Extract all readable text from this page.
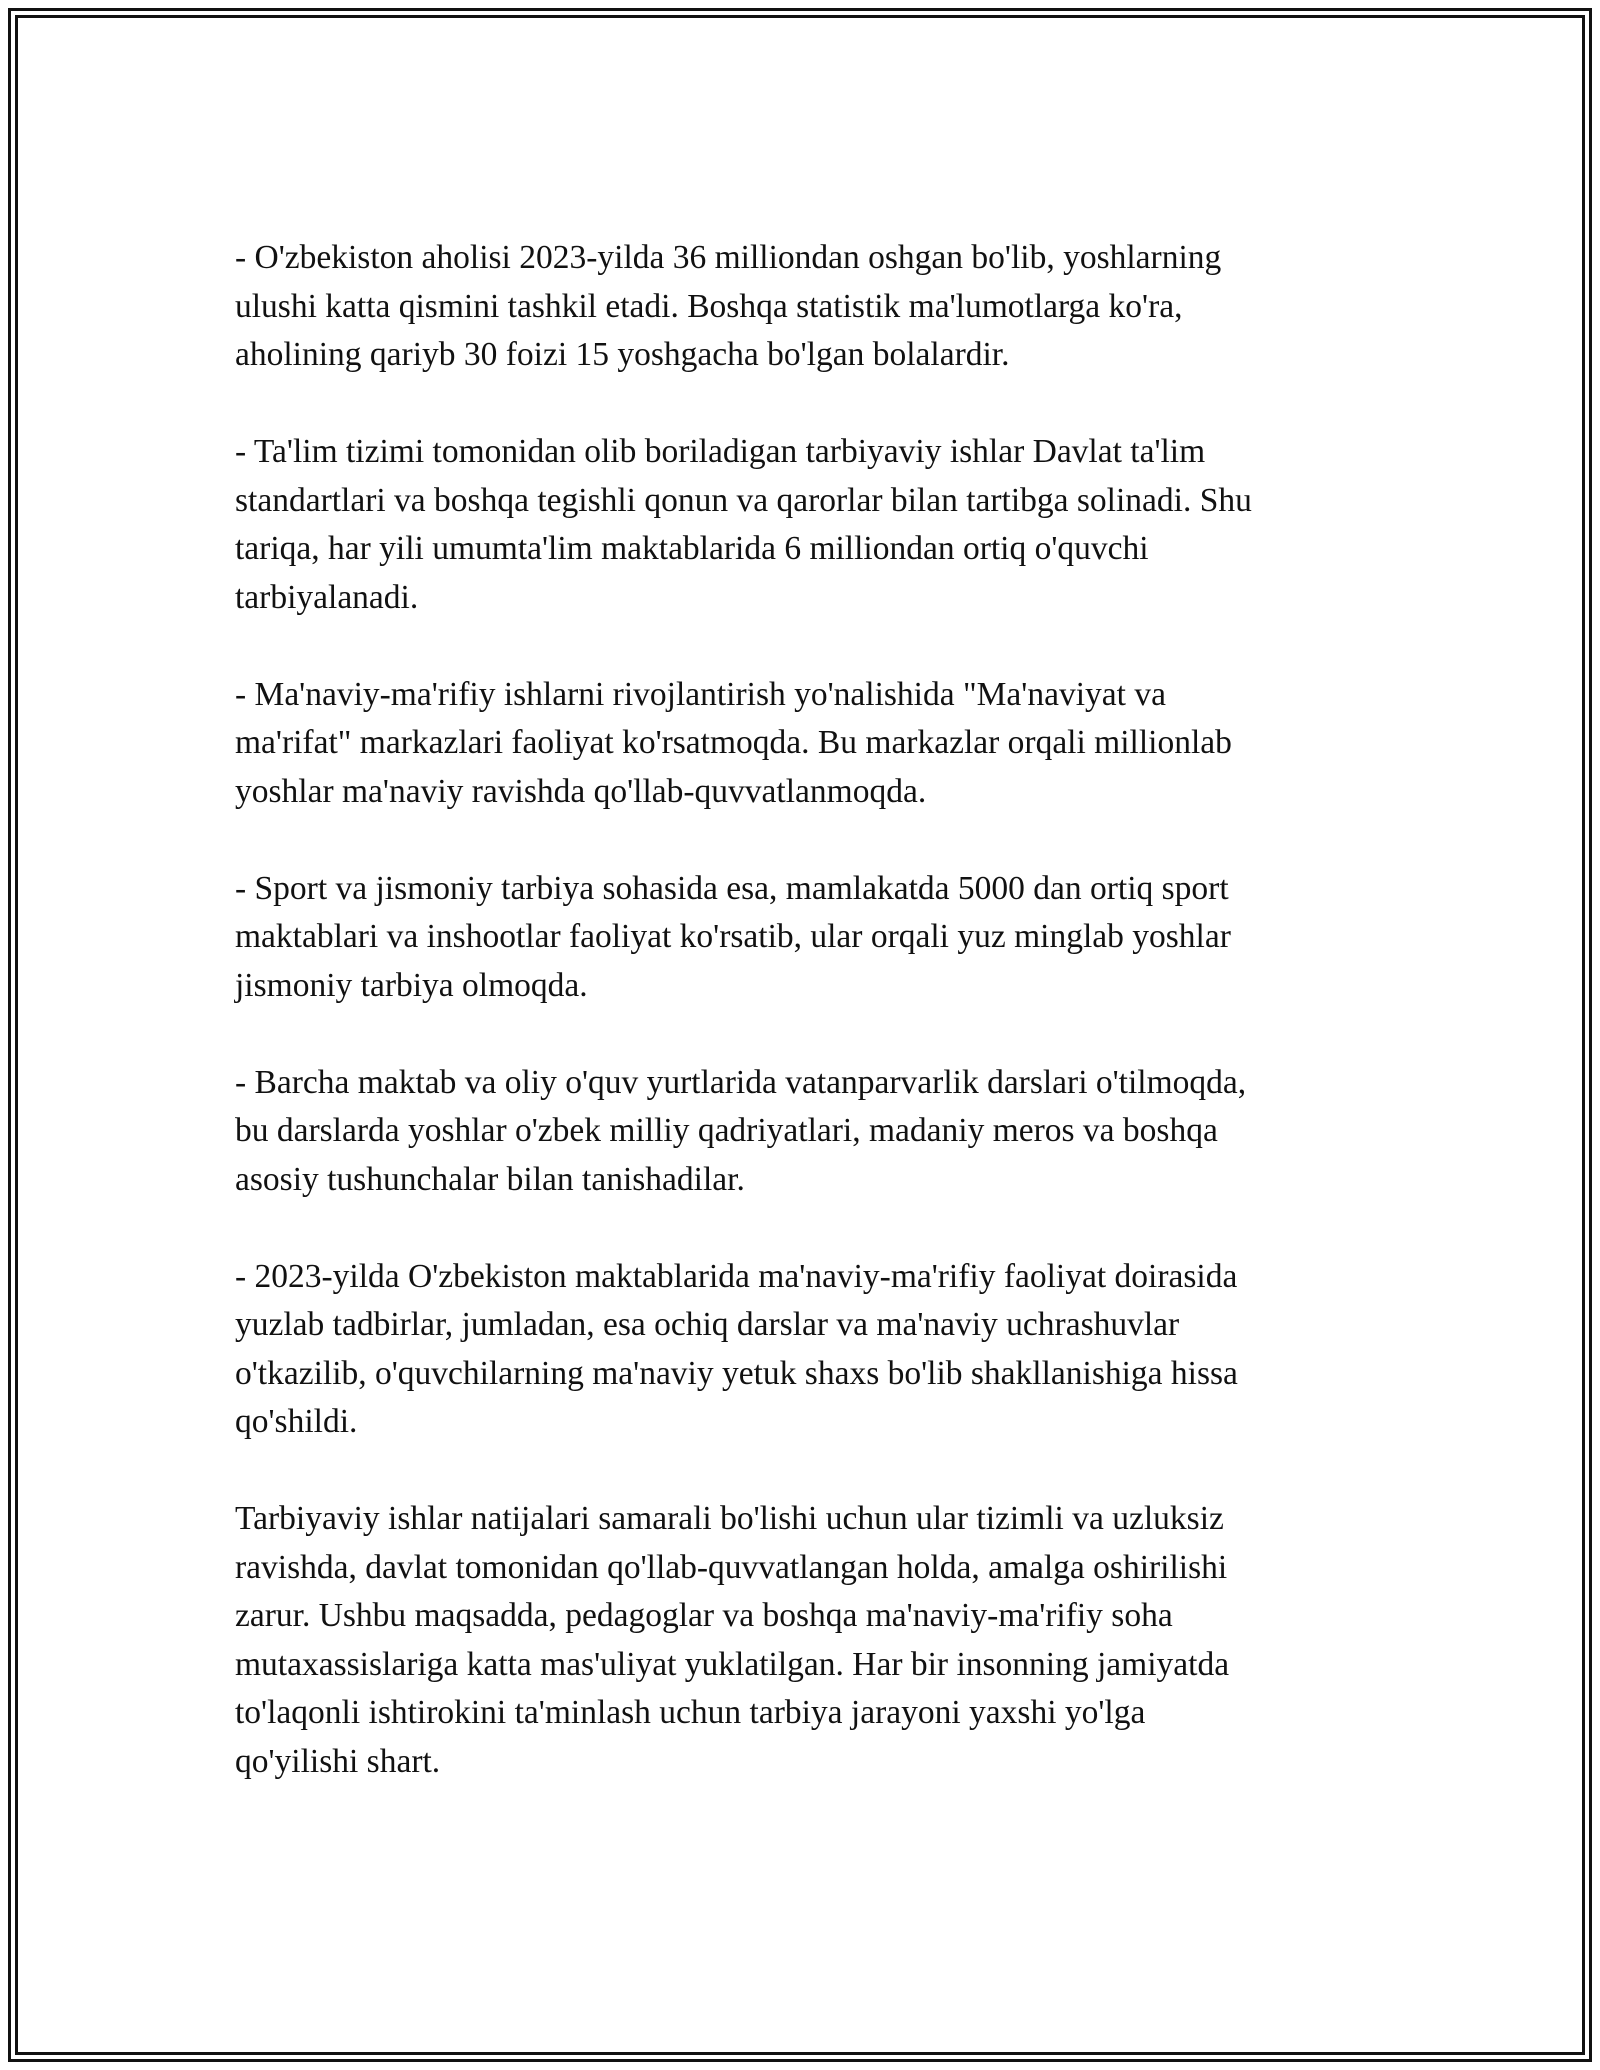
- O'zbekiston aholisi 2023-yilda 36 milliondan oshgan bo'lib, yoshlarning
ulushi katta qismini tashkil etadi. Boshqa statistik ma'lumotlarga ko'ra,
aholining qariyb 30 foizi 15 yoshgacha bo'lgan bolalardir.

- Ta'lim tizimi tomonidan olib boriladigan tarbiyaviy ishlar Davlat ta'lim
standartlari va boshqa tegishli qonun va qarorlar bilan tartibga solinadi. Shu
tariqa, har yili umumta'lim maktablarida 6 milliondan ortiq o'quvchi
tarbiyalanadi.

- Ma'naviy-ma'rifiy ishlarni rivojlantirish yo'nalishida "Ma'naviyat va
ma'rifat" markazlari faoliyat ko'rsatmoqda. Bu markazlar orqali millionlab
yoshlar ma'naviy ravishda qo'llab-quvvatlanmoqda.

- Sport va jismoniy tarbiya sohasida esa, mamlakatda 5000 dan ortiq sport
maktablari va inshootlar faoliyat ko'rsatib, ular orqali yuz minglab yoshlar
jismoniy tarbiya olmoqda.

- Barcha maktab va oliy o'quv yurtlarida vatanparvarlik darslari o'tilmoqda,
bu darslarda yoshlar o'zbek milliy qadriyatlari, madaniy meros va boshqa
asosiy tushunchalar bilan tanishadilar.

- 2023-yilda O'zbekiston maktablarida ma'naviy-ma'rifiy faoliyat doirasida
yuzlab tadbirlar, jumladan, esa ochiq darslar va ma'naviy uchrashuvlar
o'tkazilib, o'quvchilarning ma'naviy yetuk shaxs bo'lib shakllanishiga hissa
qo'shildi.

Tarbiyaviy ishlar natijalari samarali bo'lishi uchun ular tizimli va uzluksiz
ravishda, davlat tomonidan qo'llab-quvvatlangan holda, amalga oshirilishi
zarur. Ushbu maqsadda, pedagoglar va boshqa ma'naviy-ma'rifiy soha
mutaxassislariga katta mas'uliyat yuklatilgan. Har bir insonning jamiyatda
to'laqonli ishtirokini ta'minlash uchun tarbiya jarayoni yaxshi yo'lga
qo'yilishi shart.
